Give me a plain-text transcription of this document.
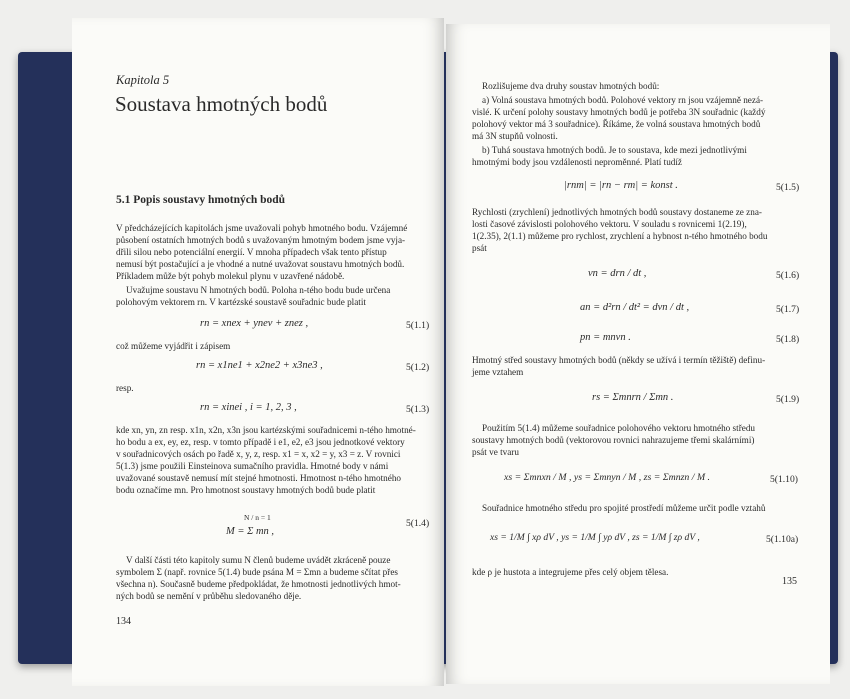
Kapitola 5
Soustava hmotných bodů
5.1 Popis soustavy hmotných bodů
V předcházejících kapitolách jsme uvažovali pohyb hmotného bodu. Vzájemné
působení ostatních hmotných bodů s uvažovaným hmotným bodem jsme vyja-
dřili silou nebo potenciální energií. V mnoha případech však tento přístup
nemusí být postačující a je vhodné a nutné uvažovat soustavu hmotných bodů.
Příkladem může být pohyb molekul plynu v uzavřené nádobě.
Uvažujme soustavu N hmotných bodů. Poloha n-tého bodu bude určena
polohovým vektorem rn. V kartézské soustavě souřadnic bude platit
rn = xnex + ynev + znez ,	5(1.1)
což můžeme vyjádřit i zápisem
rn = x1ne1 + x2ne2 + x3ne3 ,	5(1.2)
resp.
rn = xinei , i = 1, 2, 3 ,	5(1.3)
kde xn, yn, zn resp. x1n, x2n, x3n jsou kartézskými souřadnicemi n-tého hmotné-
ho bodu a ex, ey, ez, resp. v tomto případě i e1, e2, e3 jsou jednotkové vektory
v souřadnicových osách po řadě x, y, z, resp. x1 = x, x2 = y, x3 = z. V rovnici
5(1.3) jsme použili Einsteinova sumačního pravidla. Hmotné body v námi
uvažované soustavě nemusí mít stejné hmotnosti. Hmotnost n-tého hmotného
bodu označíme mn. Pro hmotnost soustavy hmotných bodů bude platit
N / n = 1
M = Σ mn ,
5(1.4)
V další části této kapitoly sumu N členů budeme uvádět zkráceně pouze
symbolem Σ (např. rovnice 5(1.4) bude psána M = Σmn a budeme sčítat přes
všechna n). Současně budeme předpokládat, že hmotnosti jednotlivých hmot-
ných bodů se nemění v průběhu sledovaného děje.
134
Rozlišujeme dva druhy soustav hmotných bodů:
a) Volná soustava hmotných bodů. Polohové vektory rn jsou vzájemně nezá-
vislé. K určení polohy soustavy hmotných bodů je potřeba 3N souřadnic (každý
polohový vektor má 3 souřadnice). Říkáme, že volná soustava hmotných bodů
má 3N stupňů volnosti.
b) Tuhá soustava hmotných bodů. Je to soustava, kde mezi jednotlivými
hmotnými body jsou vzdálenosti neproměnné. Platí tudíž
|rnm| = |rn − rm| = konst .	5(1.5)
Rychlosti (zrychlení) jednotlivých hmotných bodů soustavy dostaneme ze zna-
losti časové závislosti polohového vektoru. V souladu s rovnicemi 1(2.19),
1(2.35), 2(1.1) můžeme pro rychlost, zrychlení a hybnost n-tého hmotného bodu
psát
vn = drn / dt ,	5(1.6)
an = d²rn / dt² = dvn / dt ,	5(1.7)
pn = mnvn .	5(1.8)
Hmotný střed soustavy hmotných bodů (někdy se užívá i termín těžiště) definu-
jeme vztahem
rs = Σmnrn / Σmn .	5(1.9)
Použitím 5(1.4) můžeme souřadnice polohového vektoru hmotného středu
soustavy hmotných bodů (vektorovou rovnici nahrazujeme třemi skalárními)
psát ve tvaru
xs = Σmnxn / M , ys = Σmnyn / M , zs = Σmnzn / M .	5(1.10)
Souřadnice hmotného středu pro spojité prostředí můžeme určit podle vztahů
xs = 1/M ∫ xρ dV , ys = 1/M ∫ yρ dV , zs = 1/M ∫ zρ dV ,	5(1.10a)
kde ρ je hustota a integrujeme přes celý objem tělesa.
135
